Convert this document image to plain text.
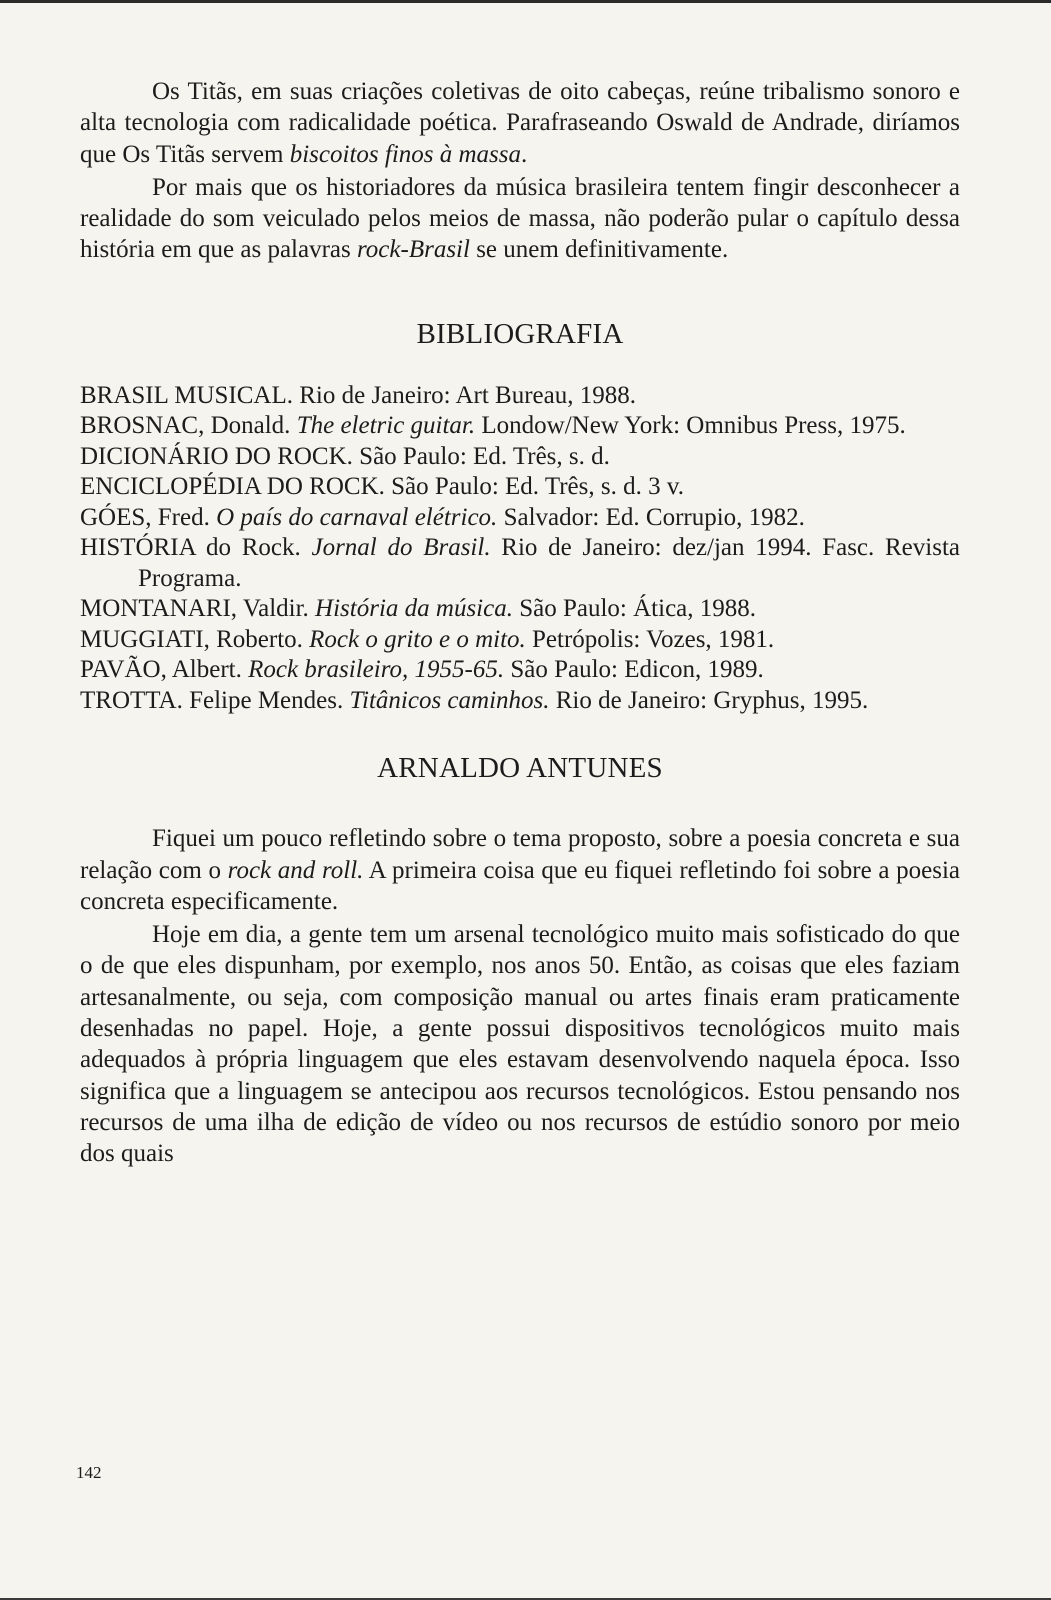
Os Titãs, em suas criações coletivas de oito cabeças, reúne tribalismo sonoro e alta tecnologia com radicalidade poética. Parafraseando Oswald de Andrade, diríamos que Os Titãs servem biscoitos finos à massa.

Por mais que os historiadores da música brasileira tentem fingir desconhecer a realidade do som veiculado pelos meios de massa, não poderão pular o capítulo dessa história em que as palavras rock-Brasil se unem definitivamente.

BIBLIOGRAFIA
BRASIL MUSICAL. Rio de Janeiro: Art Bureau, 1988.
BROSNAC, Donald. The eletric guitar. Londow/New York: Omnibus Press, 1975.
DICIONÁRIO DO ROCK. São Paulo: Ed. Três, s. d.
ENCICLOPÉDIA DO ROCK. São Paulo: Ed. Três, s. d. 3 v.
GÓES, Fred. O país do carnaval elétrico. Salvador: Ed. Corrupio, 1982.
HISTÓRIA do Rock. Jornal do Brasil. Rio de Janeiro: dez/jan 1994. Fasc. Revista Programa.
MONTANARI, Valdir. História da música. São Paulo: Ática, 1988.
MUGGIATI, Roberto. Rock o grito e o mito. Petrópolis: Vozes, 1981.
PAVÃO, Albert. Rock brasileiro, 1955-65. São Paulo: Edicon, 1989.
TROTTA. Felipe Mendes. Titânicos caminhos. Rio de Janeiro: Gryphus, 1995.
ARNALDO ANTUNES

Fiquei um pouco refletindo sobre o tema proposto, sobre a poesia concreta e sua relação com o rock and roll. A primeira coisa que eu fiquei refletindo foi sobre a poesia concreta especificamente.

Hoje em dia, a gente tem um arsenal tecnológico muito mais sofisticado do que o de que eles dispunham, por exemplo, nos anos 50. Então, as coisas que eles faziam artesanalmente, ou seja, com composição manual ou artes finais eram praticamente desenhadas no papel. Hoje, a gente possui dispositivos tecnológicos muito mais adequados à própria linguagem que eles estavam desenvolvendo naquela época. Isso significa que a linguagem se antecipou aos recursos tecnológicos. Estou pensando nos recursos de uma ilha de edição de vídeo ou nos recursos de estúdio sonoro por meio dos quais

142
